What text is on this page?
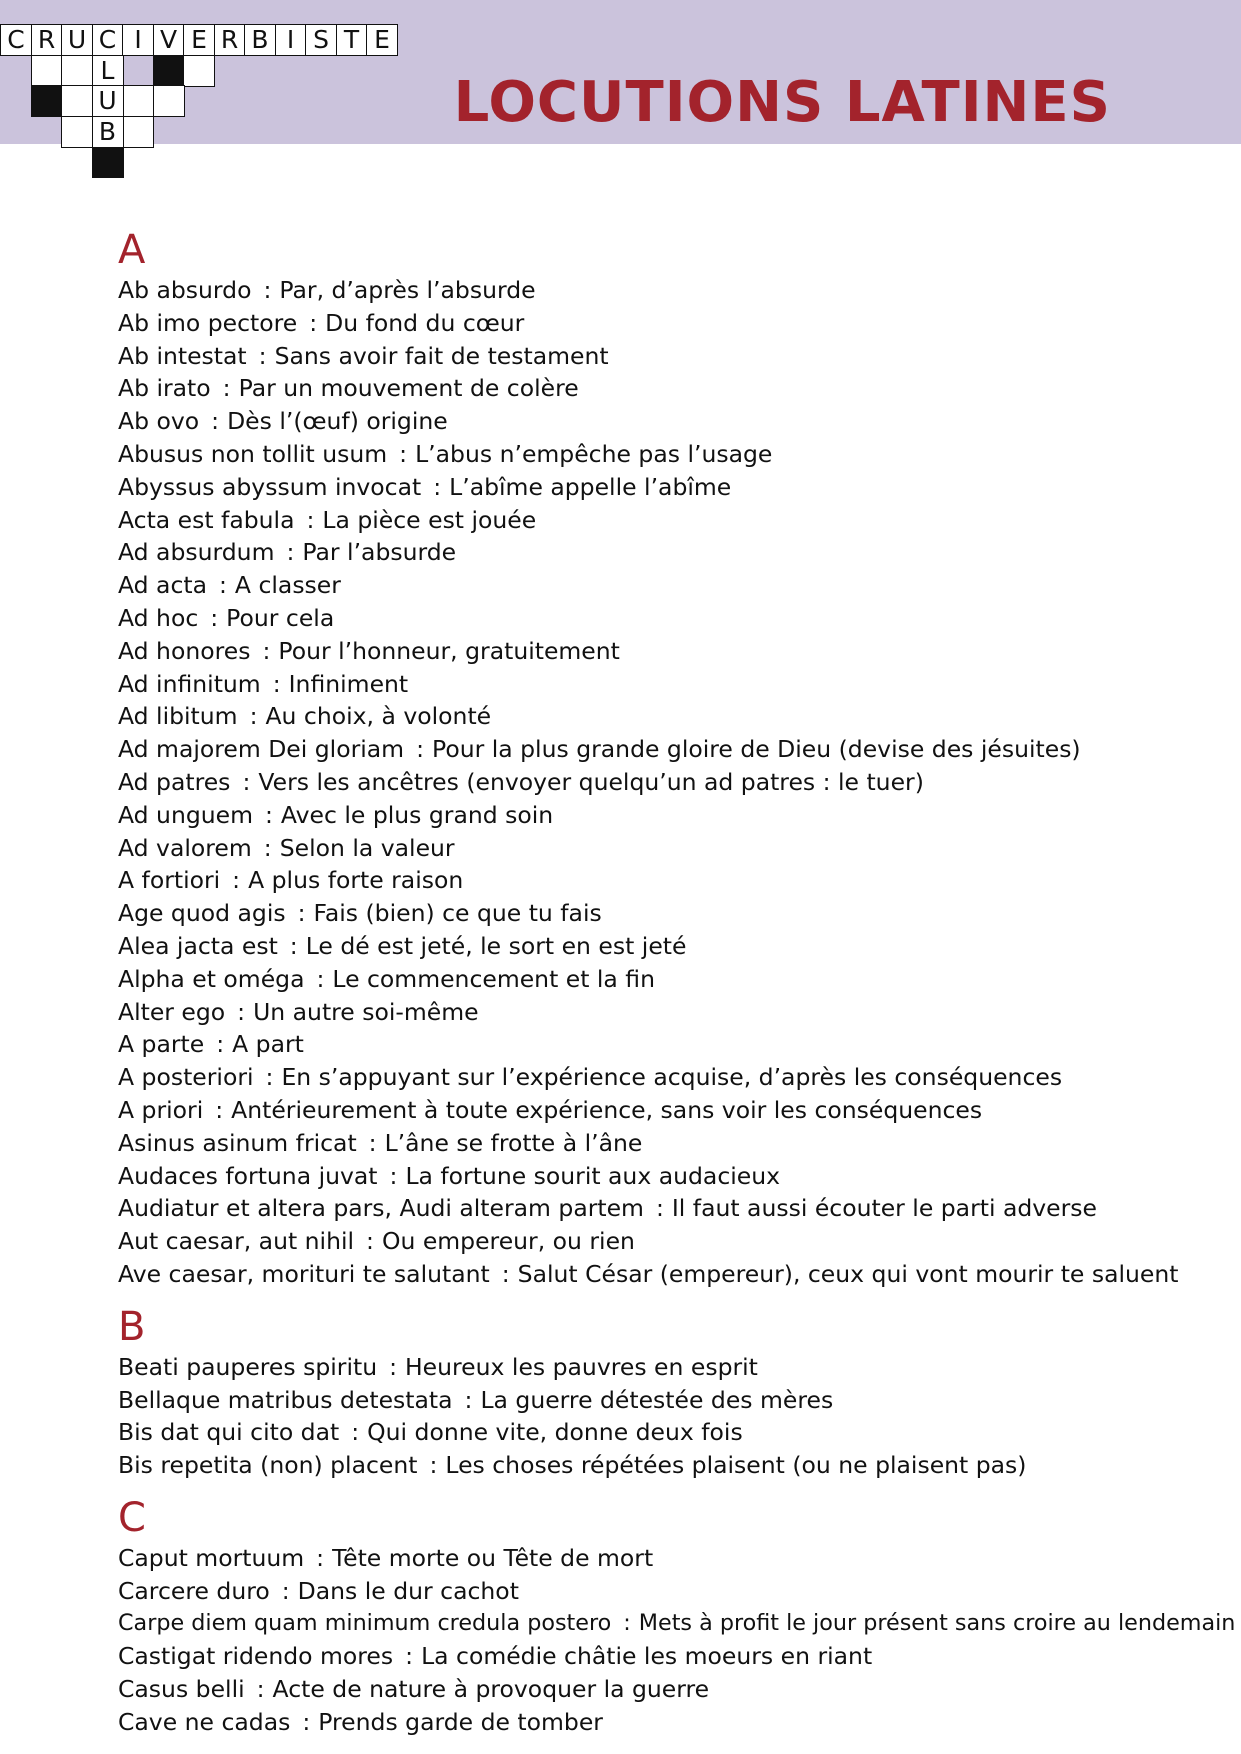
C R U C I V E R B I S T E
L
U
B	LOCUTIONS LATINES
A
Ab absurdo : Par, d’après l’absurde
Ab imo pectore : Du fond du cœur
Ab intestat : Sans avoir fait de testament
Ab irato : Par un mouvement de colère
Ab ovo : Dès l’(œuf) origine
Abusus non tollit usum : L’abus n’empêche pas l’usage
Abyssus abyssum invocat : L’abîme appelle l’abîme
Acta est fabula : La pièce est jouée
Ad absurdum : Par l’absurde
Ad acta : A classer
Ad hoc : Pour cela
Ad honores : Pour l’honneur, gratuitement
Ad infinitum : Infiniment
Ad libitum : Au choix, à volonté
Ad majorem Dei gloriam : Pour la plus grande gloire de Dieu (devise des jésuites)
Ad patres : Vers les ancêtres (envoyer quelqu’un ad patres : le tuer)
Ad unguem : Avec le plus grand soin
Ad valorem : Selon la valeur
A fortiori : A plus forte raison
Age quod agis : Fais (bien) ce que tu fais
Alea jacta est : Le dé est jeté, le sort en est jeté
Alpha et oméga : Le commencement et la fin
Alter ego : Un autre soi-même
A parte : A part
A posteriori : En s’appuyant sur l’expérience acquise, d’après les conséquences
A priori : Antérieurement à toute expérience, sans voir les conséquences
Asinus asinum fricat : L’âne se frotte à l’âne
Audaces fortuna juvat : La fortune sourit aux audacieux
Audiatur et altera pars, Audi alteram partem : Il faut aussi écouter le parti adverse
Aut caesar, aut nihil : Ou empereur, ou rien
Ave caesar, morituri te salutant : Salut César (empereur), ceux qui vont mourir te saluent
B
Beati pauperes spiritu : Heureux les pauvres en esprit
Bellaque matribus detestata : La guerre détestée des mères
Bis dat qui cito dat : Qui donne vite, donne deux fois
Bis repetita (non) placent : Les choses répétées plaisent (ou ne plaisent pas)
C
Caput mortuum : Tête morte ou Tête de mort
Carcere duro : Dans le dur cachot
Carpe diem quam minimum credula postero : Mets à profit le jour présent sans croire au lendemain
Castigat ridendo mores : La comédie châtie les moeurs en riant
Casus belli : Acte de nature à provoquer la guerre
Cave ne cadas : Prends garde de tomber
